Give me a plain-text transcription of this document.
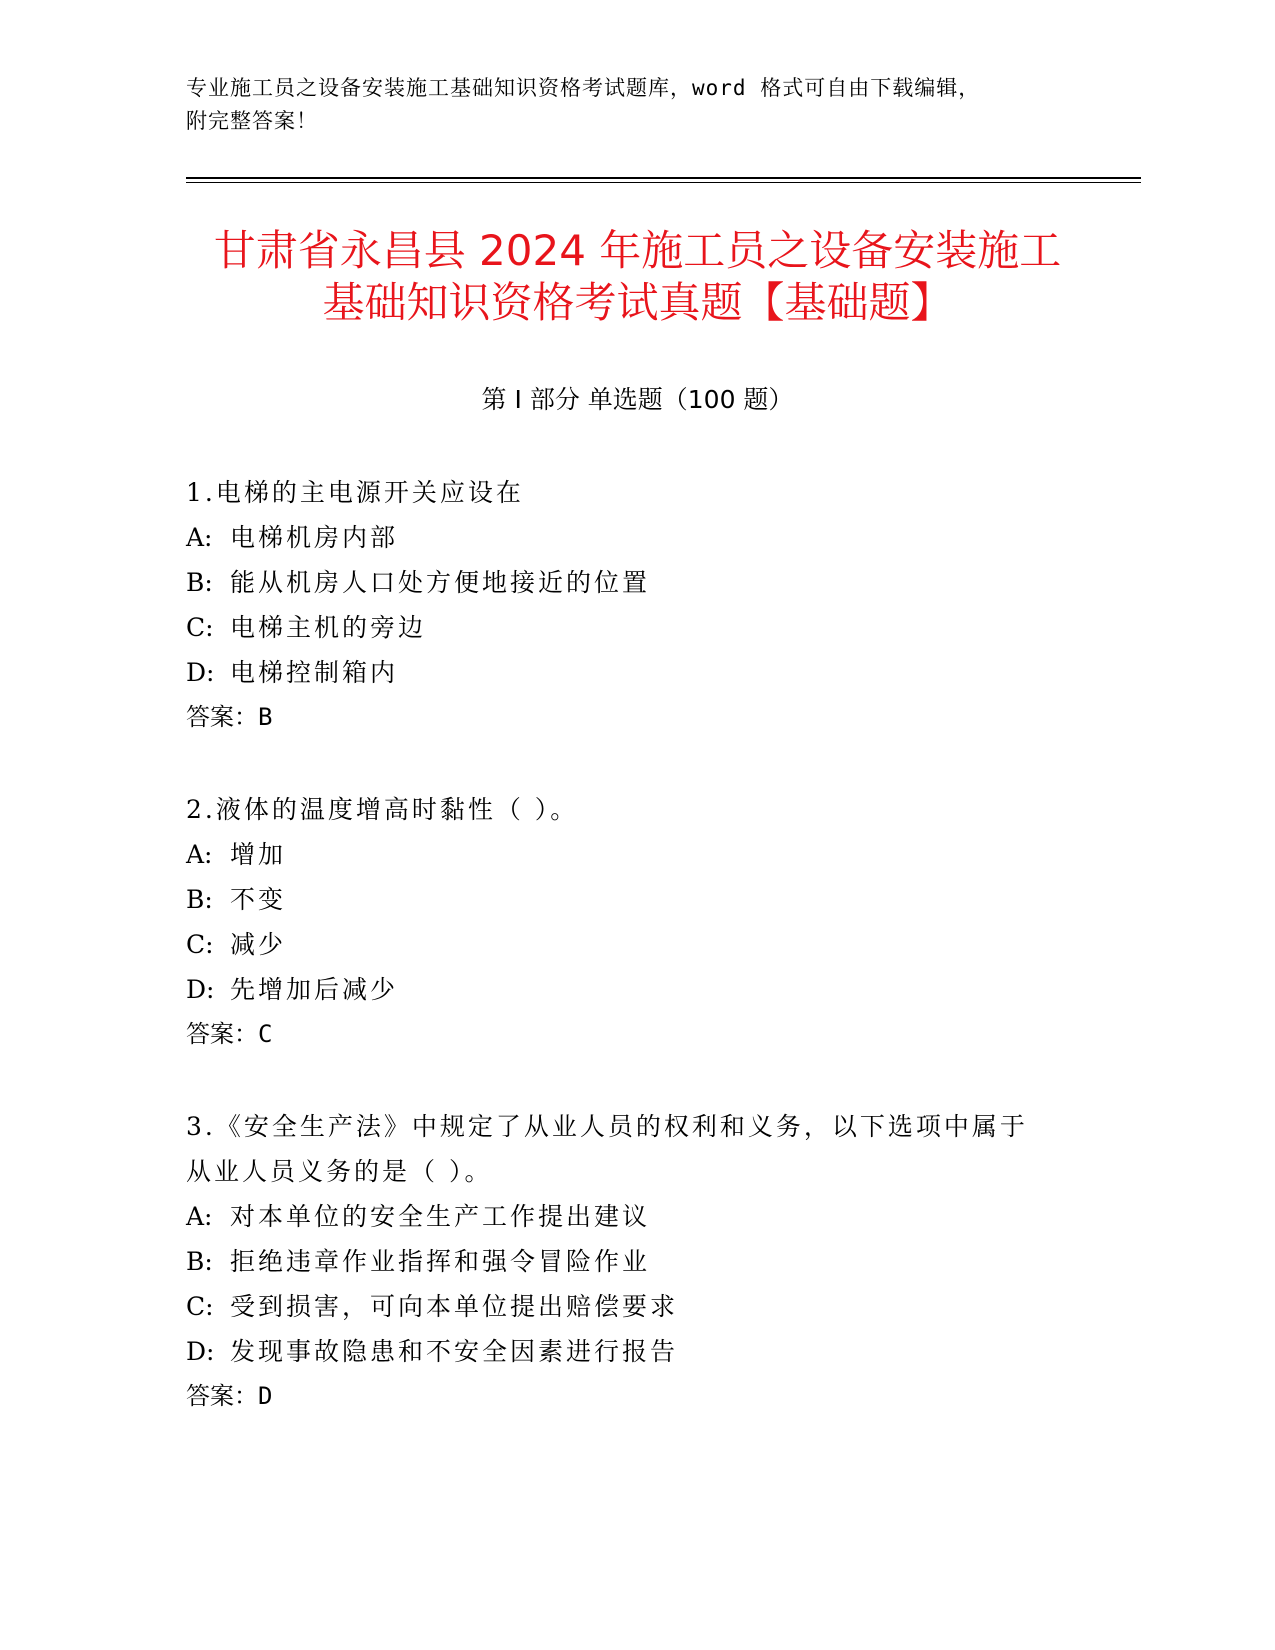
专业施工员之设备安装施工基础知识资格考试题库，word 格式可自由下载编辑，
附完整答案！
甘肃省永昌县 2024 年施工员之设备安装施工
基础知识资格考试真题【基础题】
第 I 部分 单选题（100 题）
1.电梯的主电源开关应设在
A: 电梯机房内部
B: 能从机房人口处方便地接近的位置
C: 电梯主机的旁边
D: 电梯控制箱内
答案：B
2.液体的温度增高时黏性（ ）。
A: 增加
B: 不变
C: 减少
D: 先增加后减少
答案：C
3.《安全生产法》中规定了从业人员的权利和义务，以下选项中属于
从业人员义务的是（ ）。
A: 对本单位的安全生产工作提出建议
B: 拒绝违章作业指挥和强令冒险作业
C: 受到损害，可向本单位提出赔偿要求
D: 发现事故隐患和不安全因素进行报告
答案：D
